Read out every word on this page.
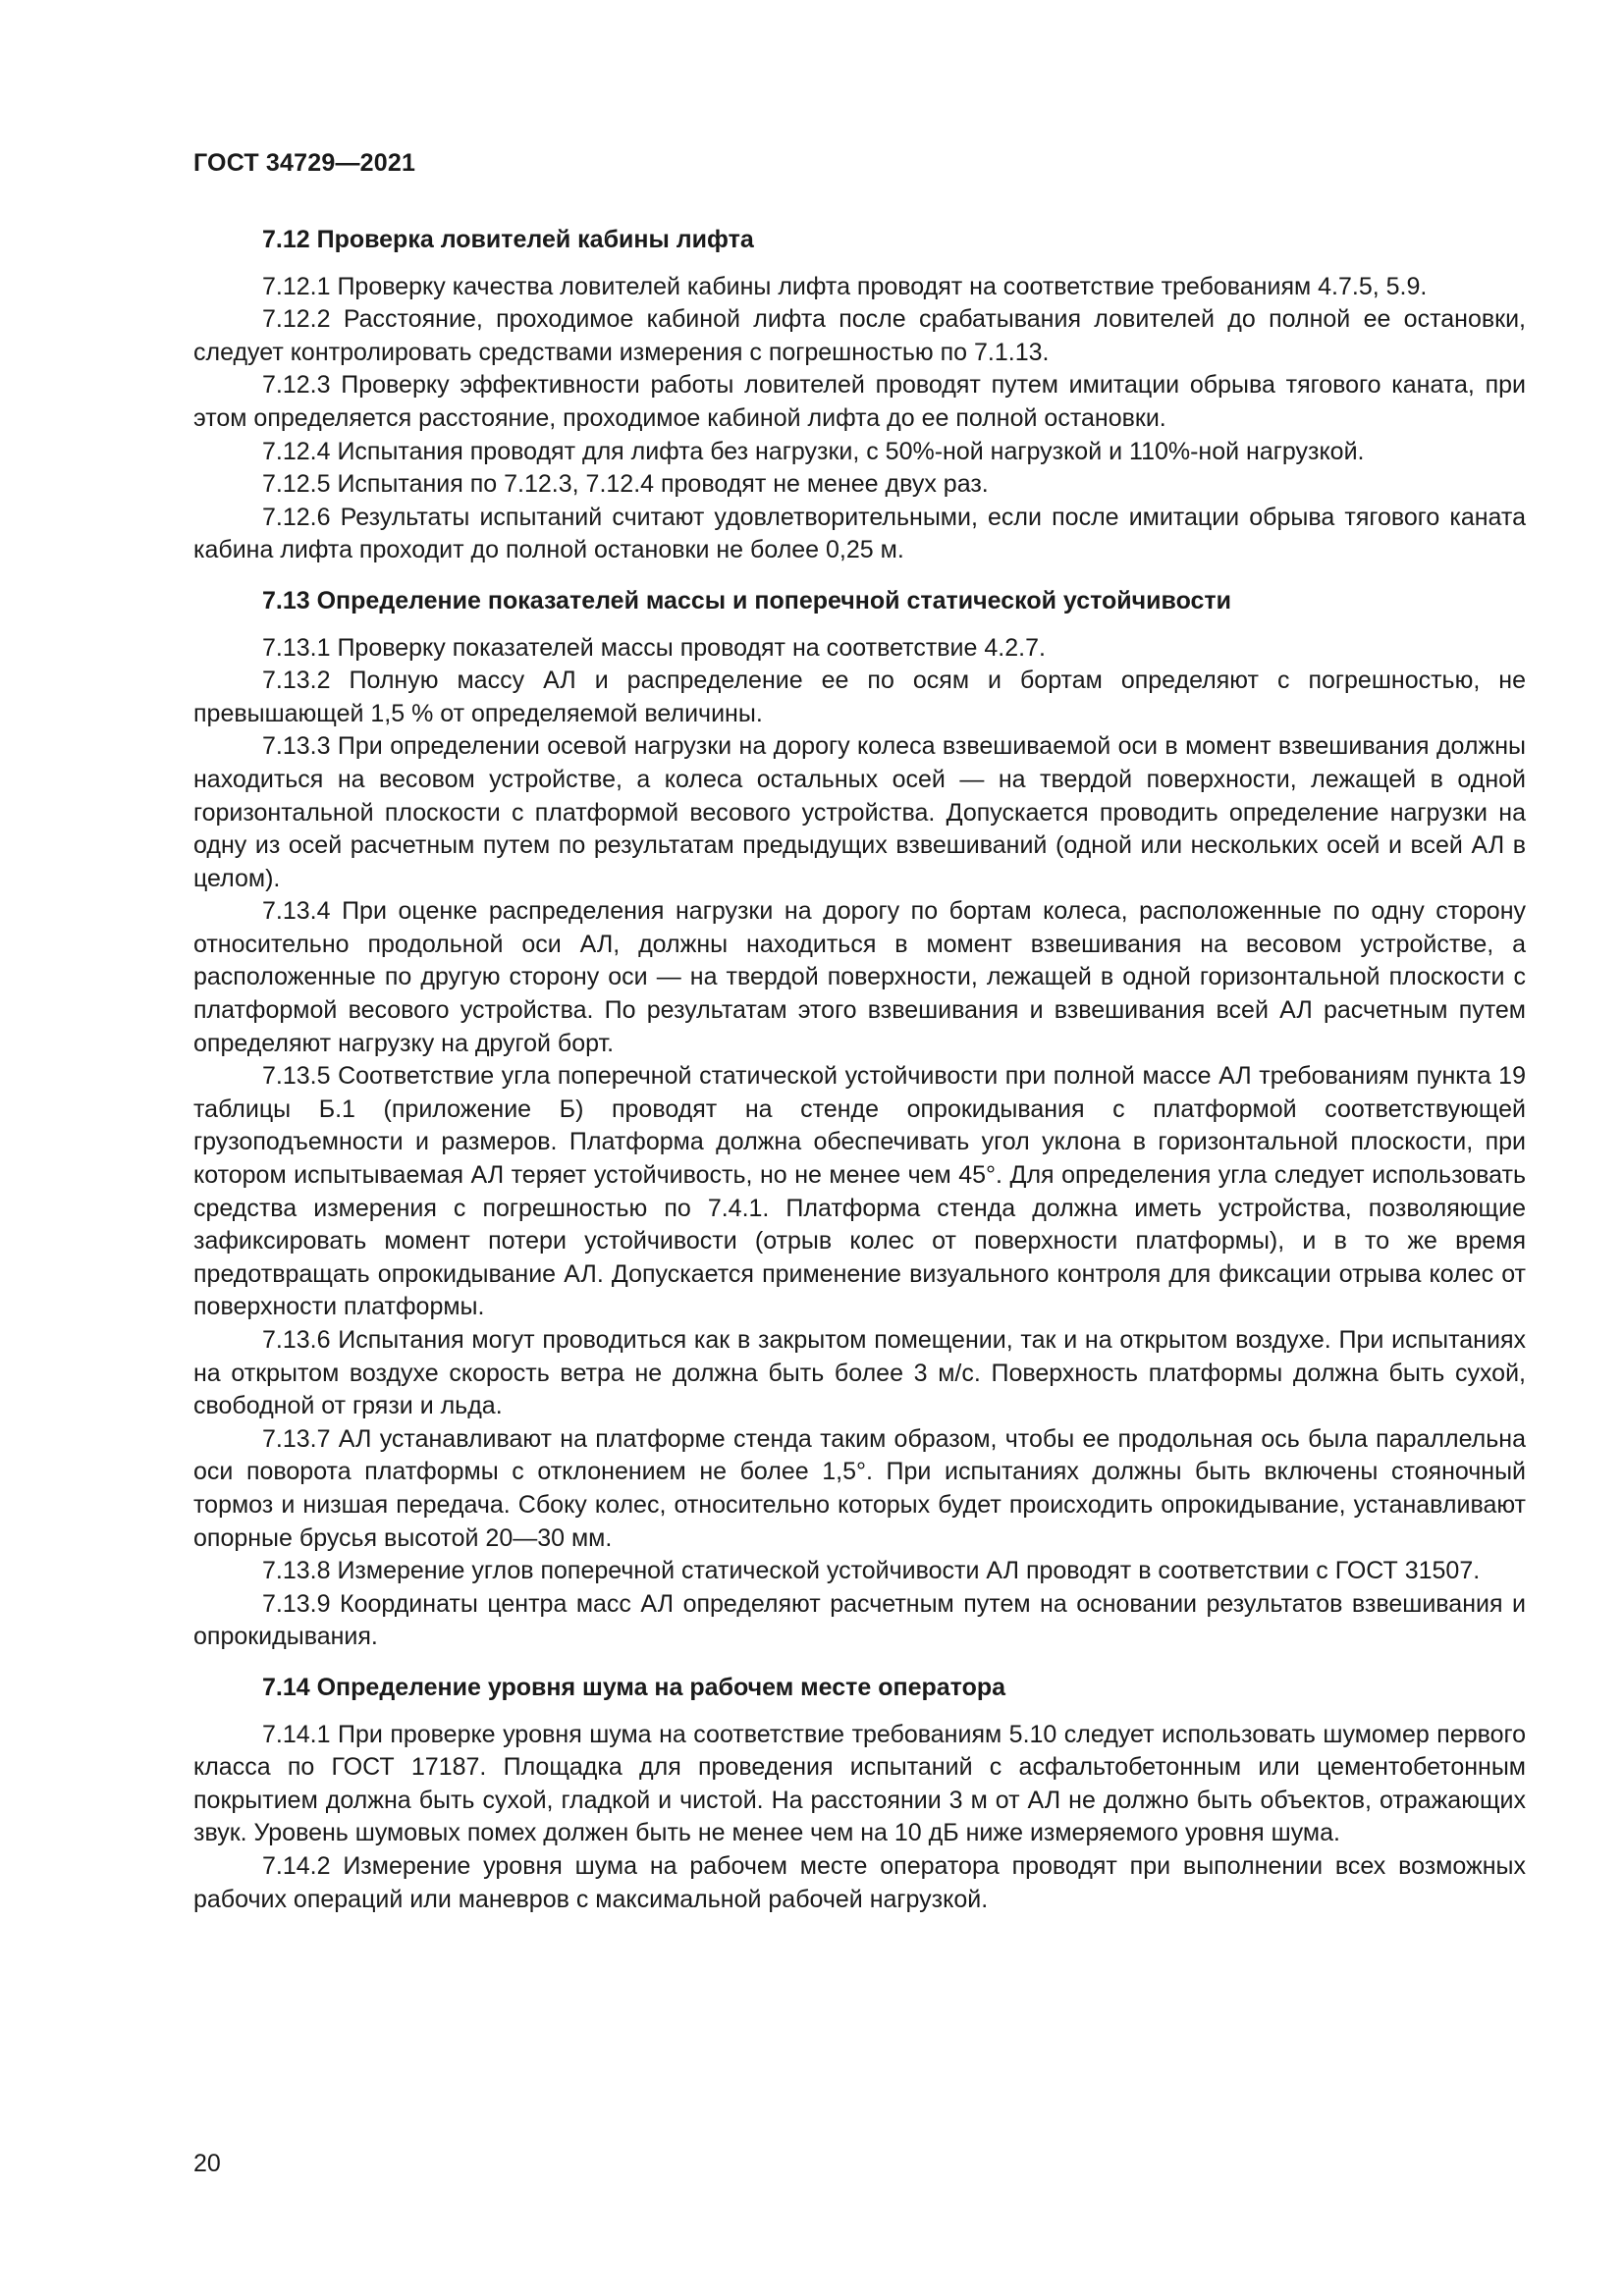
ГОСТ 34729—2021

7.12 Проверка ловителей кабины лифта

7.12.1 Проверку качества ловителей кабины лифта проводят на соответствие требованиям 4.7.5, 5.9.

7.12.2 Расстояние, проходимое кабиной лифта после срабатывания ловителей до полной ее остановки, следует контролировать средствами измерения с погрешностью по 7.1.13.

7.12.3 Проверку эффективности работы ловителей проводят путем имитации обрыва тягового каната, при этом определяется расстояние, проходимое кабиной лифта до ее полной остановки.

7.12.4 Испытания проводят для лифта без нагрузки, с 50%-ной нагрузкой и 110%-ной нагрузкой.

7.12.5 Испытания по 7.12.3, 7.12.4 проводят не менее двух раз.

7.12.6 Результаты испытаний считают удовлетворительными, если после имитации обрыва тягового каната кабина лифта проходит до полной остановки не более 0,25 м.

7.13 Определение показателей массы и поперечной статической устойчивости

7.13.1 Проверку показателей массы проводят на соответствие 4.2.7.

7.13.2 Полную массу АЛ и распределение ее по осям и бортам определяют с погрешностью, не превышающей 1,5 % от определяемой величины.

7.13.3 При определении осевой нагрузки на дорогу колеса взвешиваемой оси в момент взвешивания должны находиться на весовом устройстве, а колеса остальных осей — на твердой поверхности, лежащей в одной горизонтальной плоскости с платформой весового устройства. Допускается проводить определение нагрузки на одну из осей расчетным путем по результатам предыдущих взвешиваний (одной или нескольких осей и всей АЛ в целом).

7.13.4 При оценке распределения нагрузки на дорогу по бортам колеса, расположенные по одну сторону относительно продольной оси АЛ, должны находиться в момент взвешивания на весовом устройстве, а расположенные по другую сторону оси — на твердой поверхности, лежащей в одной горизонтальной плоскости с платформой весового устройства. По результатам этого взвешивания и взвешивания всей АЛ расчетным путем определяют нагрузку на другой борт.

7.13.5 Соответствие угла поперечной статической устойчивости при полной массе АЛ требованиям пункта 19 таблицы Б.1 (приложение Б) проводят на стенде опрокидывания с платформой соответствующей грузоподъемности и размеров. Платформа должна обеспечивать угол уклона в горизонтальной плоскости, при котором испытываемая АЛ теряет устойчивость, но не менее чем 45°. Для определения угла следует использовать средства измерения с погрешностью по 7.4.1. Платформа стенда должна иметь устройства, позволяющие зафиксировать момент потери устойчивости (отрыв колес от поверхности платформы), и в то же время предотвращать опрокидывание АЛ. Допускается применение визуального контроля для фиксации отрыва колес от поверхности платформы.

7.13.6 Испытания могут проводиться как в закрытом помещении, так и на открытом воздухе. При испытаниях на открытом воздухе скорость ветра не должна быть более 3 м/с. Поверхность платформы должна быть сухой, свободной от грязи и льда.

7.13.7 АЛ устанавливают на платформе стенда таким образом, чтобы ее продольная ось была параллельна оси поворота платформы с отклонением не более 1,5°. При испытаниях должны быть включены стояночный тормоз и низшая передача. Сбоку колес, относительно которых будет происходить опрокидывание, устанавливают опорные брусья высотой 20—30 мм.

7.13.8 Измерение углов поперечной статической устойчивости АЛ проводят в соответствии с ГОСТ 31507.

7.13.9 Координаты центра масс АЛ определяют расчетным путем на основании результатов взвешивания и опрокидывания.

7.14 Определение уровня шума на рабочем месте оператора

7.14.1 При проверке уровня шума на соответствие требованиям 5.10 следует использовать шумомер первого класса по ГОСТ 17187. Площадка для проведения испытаний с асфальтобетонным или цементобетонным покрытием должна быть сухой, гладкой и чистой. На расстоянии 3 м от АЛ не должно быть объектов, отражающих звук. Уровень шумовых помех должен быть не менее чем на 10 дБ ниже измеряемого уровня шума.

7.14.2 Измерение уровня шума на рабочем месте оператора проводят при выполнении всех возможных рабочих операций или маневров с максимальной рабочей нагрузкой.

20
